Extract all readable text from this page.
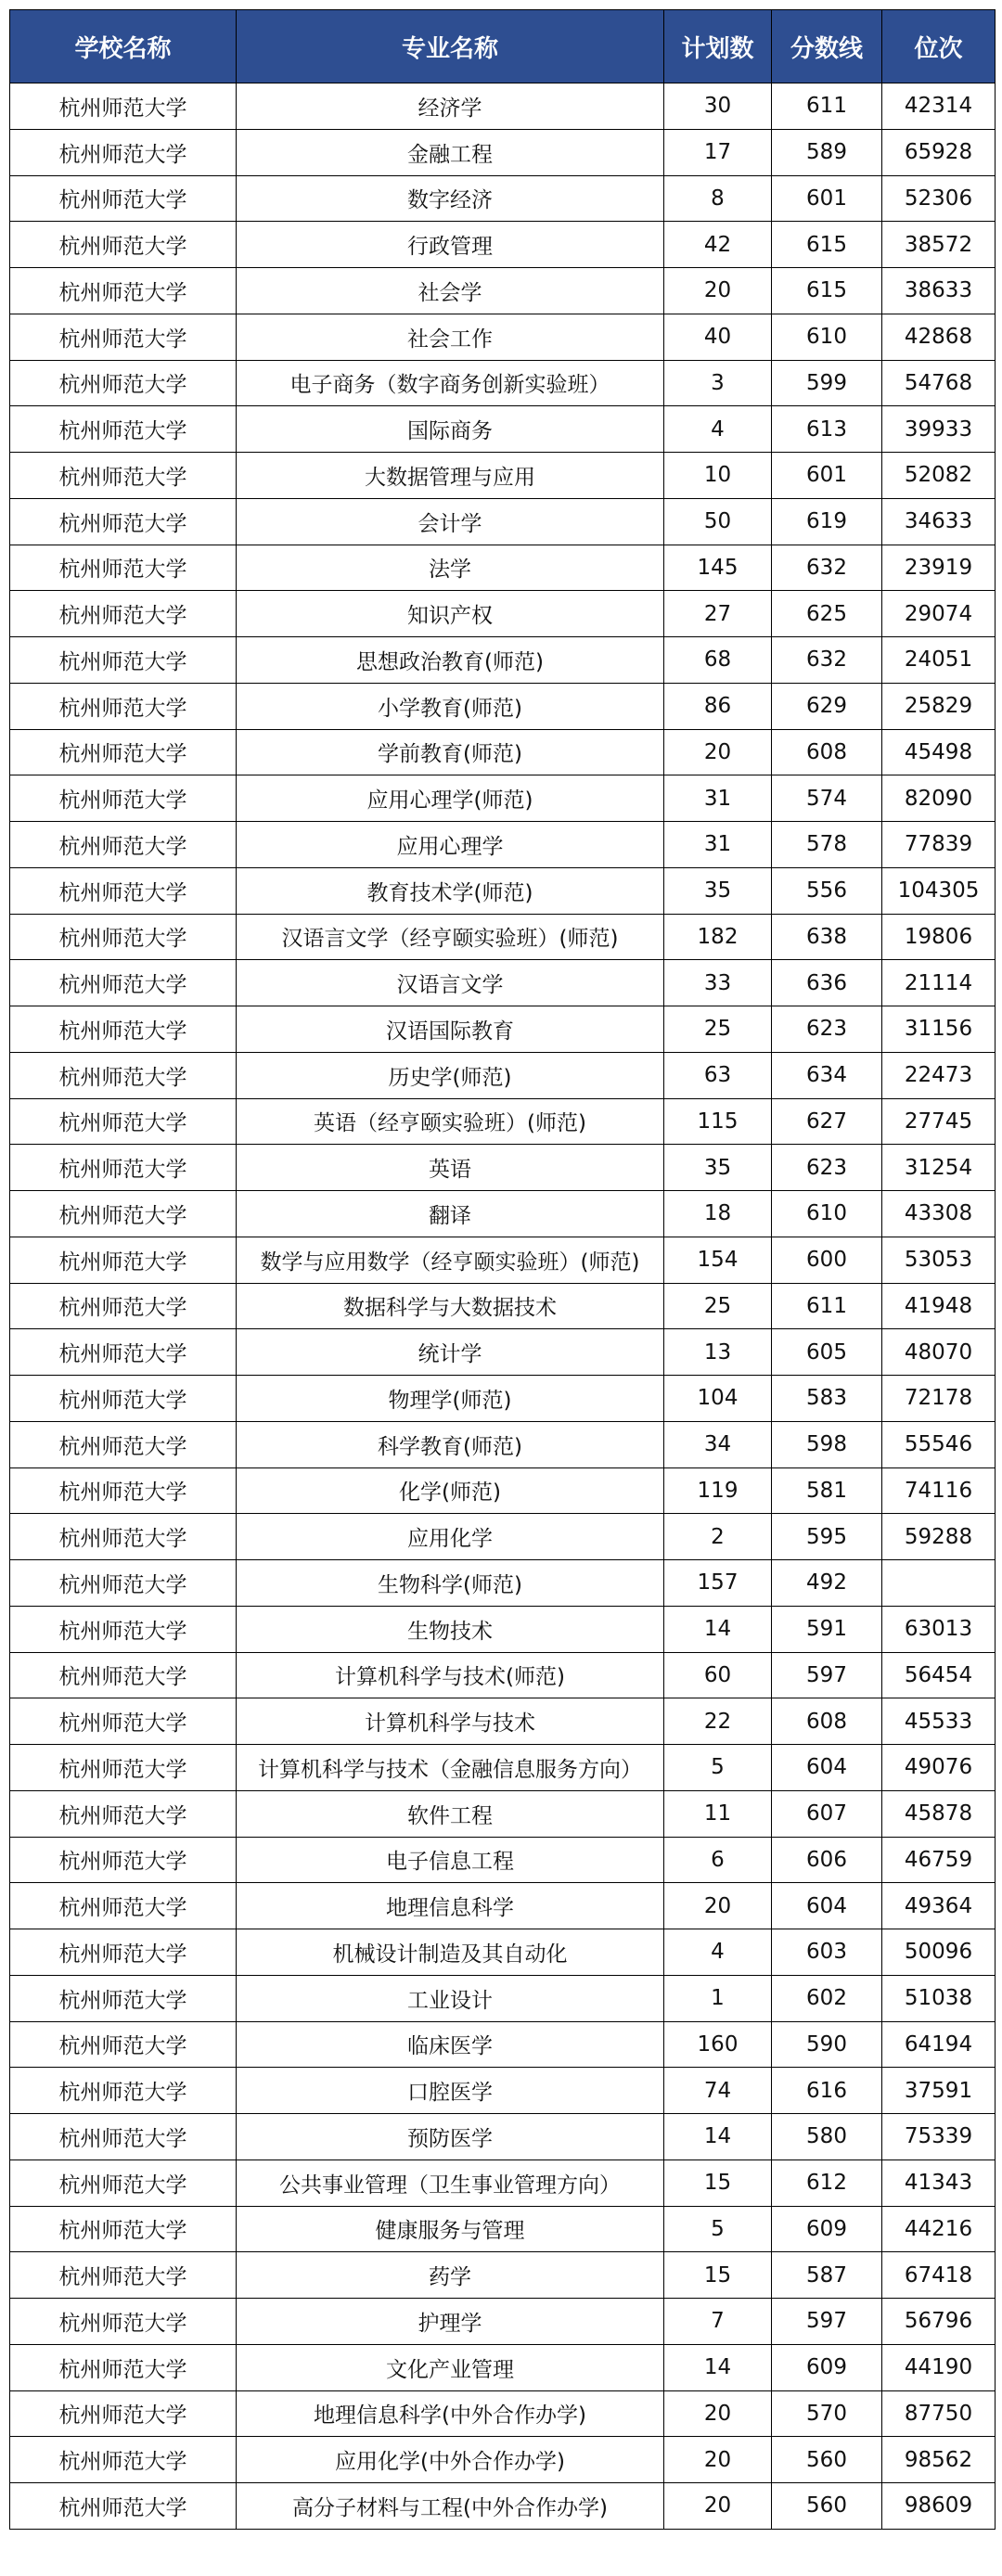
学校名称	专业名称	计划数	分数线	位次
杭州师范大学	经济学	30	611	42314
杭州师范大学	金融工程	17	589	65928
杭州师范大学	数字经济	8	601	52306
杭州师范大学	行政管理	42	615	38572
杭州师范大学	社会学	20	615	38633
杭州师范大学	社会工作	40	610	42868
杭州师范大学	电子商务（数字商务创新实验班）	3	599	54768
杭州师范大学	国际商务	4	613	39933
杭州师范大学	大数据管理与应用	10	601	52082
杭州师范大学	会计学	50	619	34633
杭州师范大学	法学	145	632	23919
杭州师范大学	知识产权	27	625	29074
杭州师范大学	思想政治教育(师范)	68	632	24051
杭州师范大学	小学教育(师范)	86	629	25829
杭州师范大学	学前教育(师范)	20	608	45498
杭州师范大学	应用心理学(师范)	31	574	82090
杭州师范大学	应用心理学	31	578	77839
杭州师范大学	教育技术学(师范)	35	556	104305
杭州师范大学	汉语言文学（经亨颐实验班）(师范)	182	638	19806
杭州师范大学	汉语言文学	33	636	21114
杭州师范大学	汉语国际教育	25	623	31156
杭州师范大学	历史学(师范)	63	634	22473
杭州师范大学	英语（经亨颐实验班）(师范)	115	627	27745
杭州师范大学	英语	35	623	31254
杭州师范大学	翻译	18	610	43308
杭州师范大学	数学与应用数学（经亨颐实验班）(师范)	154	600	53053
杭州师范大学	数据科学与大数据技术	25	611	41948
杭州师范大学	统计学	13	605	48070
杭州师范大学	物理学(师范)	104	583	72178
杭州师范大学	科学教育(师范)	34	598	55546
杭州师范大学	化学(师范)	119	581	74116
杭州师范大学	应用化学	2	595	59288
杭州师范大学	生物科学(师范)	157	492	
杭州师范大学	生物技术	14	591	63013
杭州师范大学	计算机科学与技术(师范)	60	597	56454
杭州师范大学	计算机科学与技术	22	608	45533
杭州师范大学	计算机科学与技术（金融信息服务方向）	5	604	49076
杭州师范大学	软件工程	11	607	45878
杭州师范大学	电子信息工程	6	606	46759
杭州师范大学	地理信息科学	20	604	49364
杭州师范大学	机械设计制造及其自动化	4	603	50096
杭州师范大学	工业设计	1	602	51038
杭州师范大学	临床医学	160	590	64194
杭州师范大学	口腔医学	74	616	37591
杭州师范大学	预防医学	14	580	75339
杭州师范大学	公共事业管理（卫生事业管理方向）	15	612	41343
杭州师范大学	健康服务与管理	5	609	44216
杭州师范大学	药学	15	587	67418
杭州师范大学	护理学	7	597	56796
杭州师范大学	文化产业管理	14	609	44190
杭州师范大学	地理信息科学(中外合作办学)	20	570	87750
杭州师范大学	应用化学(中外合作办学)	20	560	98562
杭州师范大学	高分子材料与工程(中外合作办学)	20	560	98609
